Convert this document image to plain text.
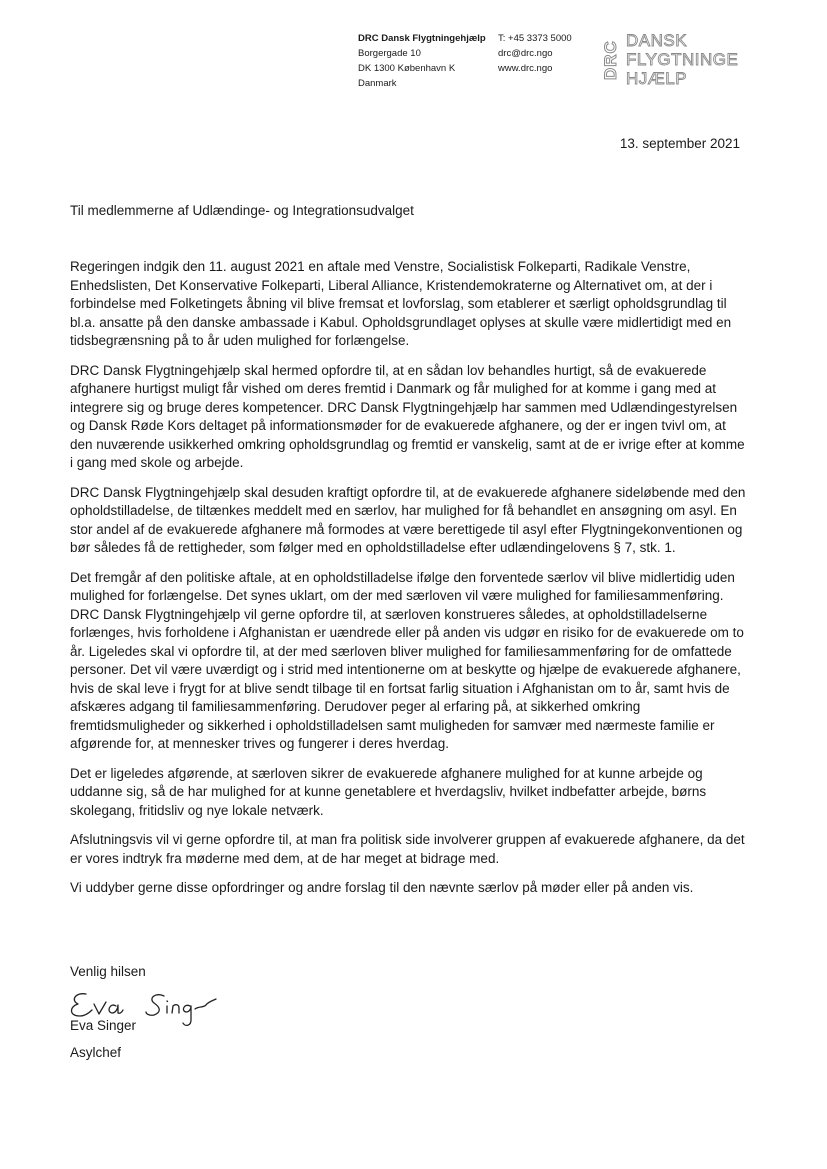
DRC Dansk Flygtningehjælp
Borgergade 10
DK 1300 København K
Danmark
T: +45 3373 5000
drc@drc.ngo
www.drc.ngo	DRC DANSK
FLYGTNINGE
HJÆLP
13. september 2021
Til medlemmerne af Udlændinge- og Integrationsudvalget

Regeringen indgik den 11. august 2021 en aftale med Venstre, Socialistisk Folkeparti, Radikale Venstre, Enhedslisten, Det Konservative Folkeparti, Liberal Alliance, Kristendemokraterne og Alternativet om, at der i forbindelse med Folketingets åbning vil blive fremsat et lovforslag, som etablerer et særligt opholdsgrundlag til bl.a. ansatte på den danske ambassade i Kabul. Opholdsgrundlaget oplyses at skulle være midlertidigt med en tidsbegrænsning på to år uden mulighed for forlængelse.

DRC Dansk Flygtningehjælp skal hermed opfordre til, at en sådan lov behandles hurtigt, så de evakuerede afghanere hurtigst muligt får vished om deres fremtid i Danmark og får mulighed for at komme i gang med at integrere sig og bruge deres kompetencer. DRC Dansk Flygtningehjælp har sammen med Udlændingestyrelsen og Dansk Røde Kors deltaget på informationsmøder for de evakuerede afghanere, og der er ingen tvivl om, at den nuværende usikkerhed omkring opholdsgrundlag og fremtid er vanskelig, samt at de er ivrige efter at komme i gang med skole og arbejde.

DRC Dansk Flygtningehjælp skal desuden kraftigt opfordre til, at de evakuerede afghanere sideløbende med den opholdstilladelse, de tiltænkes meddelt med en særlov, har mulighed for få behandlet en ansøgning om asyl. En stor andel af de evakuerede afghanere må formodes at være berettigede til asyl efter Flygtningekonventionen og bør således få de rettigheder, som følger med en opholdstilladelse efter udlændingelovens § 7, stk. 1.

Det fremgår af den politiske aftale, at en opholdstilladelse ifølge den forventede særlov vil blive midlertidig uden mulighed for forlængelse. Det synes uklart, om der med særloven vil være mulighed for familiesammenføring. DRC Dansk Flygtningehjælp vil gerne opfordre til, at særloven konstrueres således, at opholdstilladelserne forlænges, hvis forholdene i Afghanistan er uændrede eller på anden vis udgør en risiko for de evakuerede om to år. Ligeledes skal vi opfordre til, at der med særloven bliver mulighed for familiesammenføring for de omfattede personer. Det vil være uværdigt og i strid med intentionerne om at beskytte og hjælpe de evakuerede afghanere, hvis de skal leve i frygt for at blive sendt tilbage til en fortsat farlig situation i Afghanistan om to år, samt hvis de afskæres adgang til familiesammenføring. Derudover peger al erfaring på, at sikkerhed omkring fremtidsmuligheder og sikkerhed i opholdstilladelsen samt muligheden for samvær med nærmeste familie er afgørende for, at mennesker trives og fungerer i deres hverdag.

Det er ligeledes afgørende, at særloven sikrer de evakuerede afghanere mulighed for at kunne arbejde og uddanne sig, så de har mulighed for at kunne genetablere et hverdagsliv, hvilket indbefatter arbejde, børns skolegang, fritidsliv og nye lokale netværk.

Afslutningsvis vil vi gerne opfordre til, at man fra politisk side involverer gruppen af evakuerede afghanere, da det er vores indtryk fra møderne med dem, at de har meget at bidrage med.

Vi uddyber gerne disse opfordringer og andre forslag til den nævnte særlov på møder eller på anden vis.

Venlig hilsen
Eva Singer
Asylchef
